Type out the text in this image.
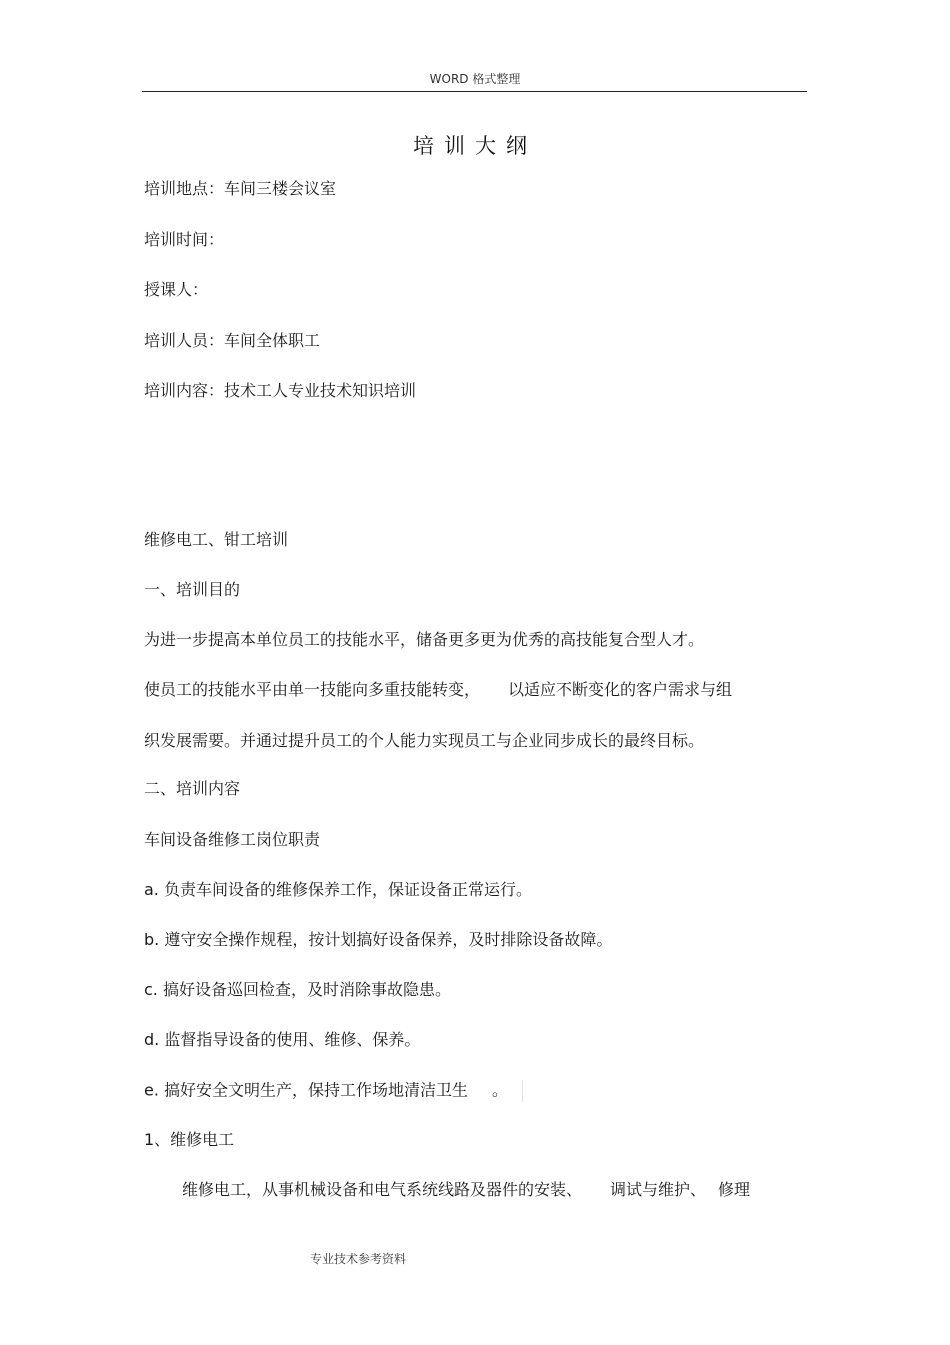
WORD 格式整理
培训大纲
培训地点：车间三楼会议室
培训时间：
授课人：
培训人员：车间全体职工
培训内容：技术工人专业技术知识培训
维修电工、钳工培训
一、培训目的
为进一步提高本单位员工的技能水平，储备更多更为优秀的高技能复合型人才。
使员工的技能水平由单一技能向多重技能转变， 以适应不断变化的客户需求与组
织发展需要。并通过提升员工的个人能力实现员工与企业同步成长的最终目标。
二、培训内容
车间设备维修工岗位职责
a. 负责车间设备的维修保养工作，保证设备正常运行。
b. 遵守安全操作规程，按计划搞好设备保养，及时排除设备故障。
c. 搞好设备巡回检查，及时消除事故隐患。
d. 监督指导设备的使用、维修、保养。
e. 搞好安全文明生产，保持工作场地清洁卫生 。
1、维修电工
维修电工，从事机械设备和电气系统线路及器件的安装、 调试与维护、 修理
专业技术参考资料
